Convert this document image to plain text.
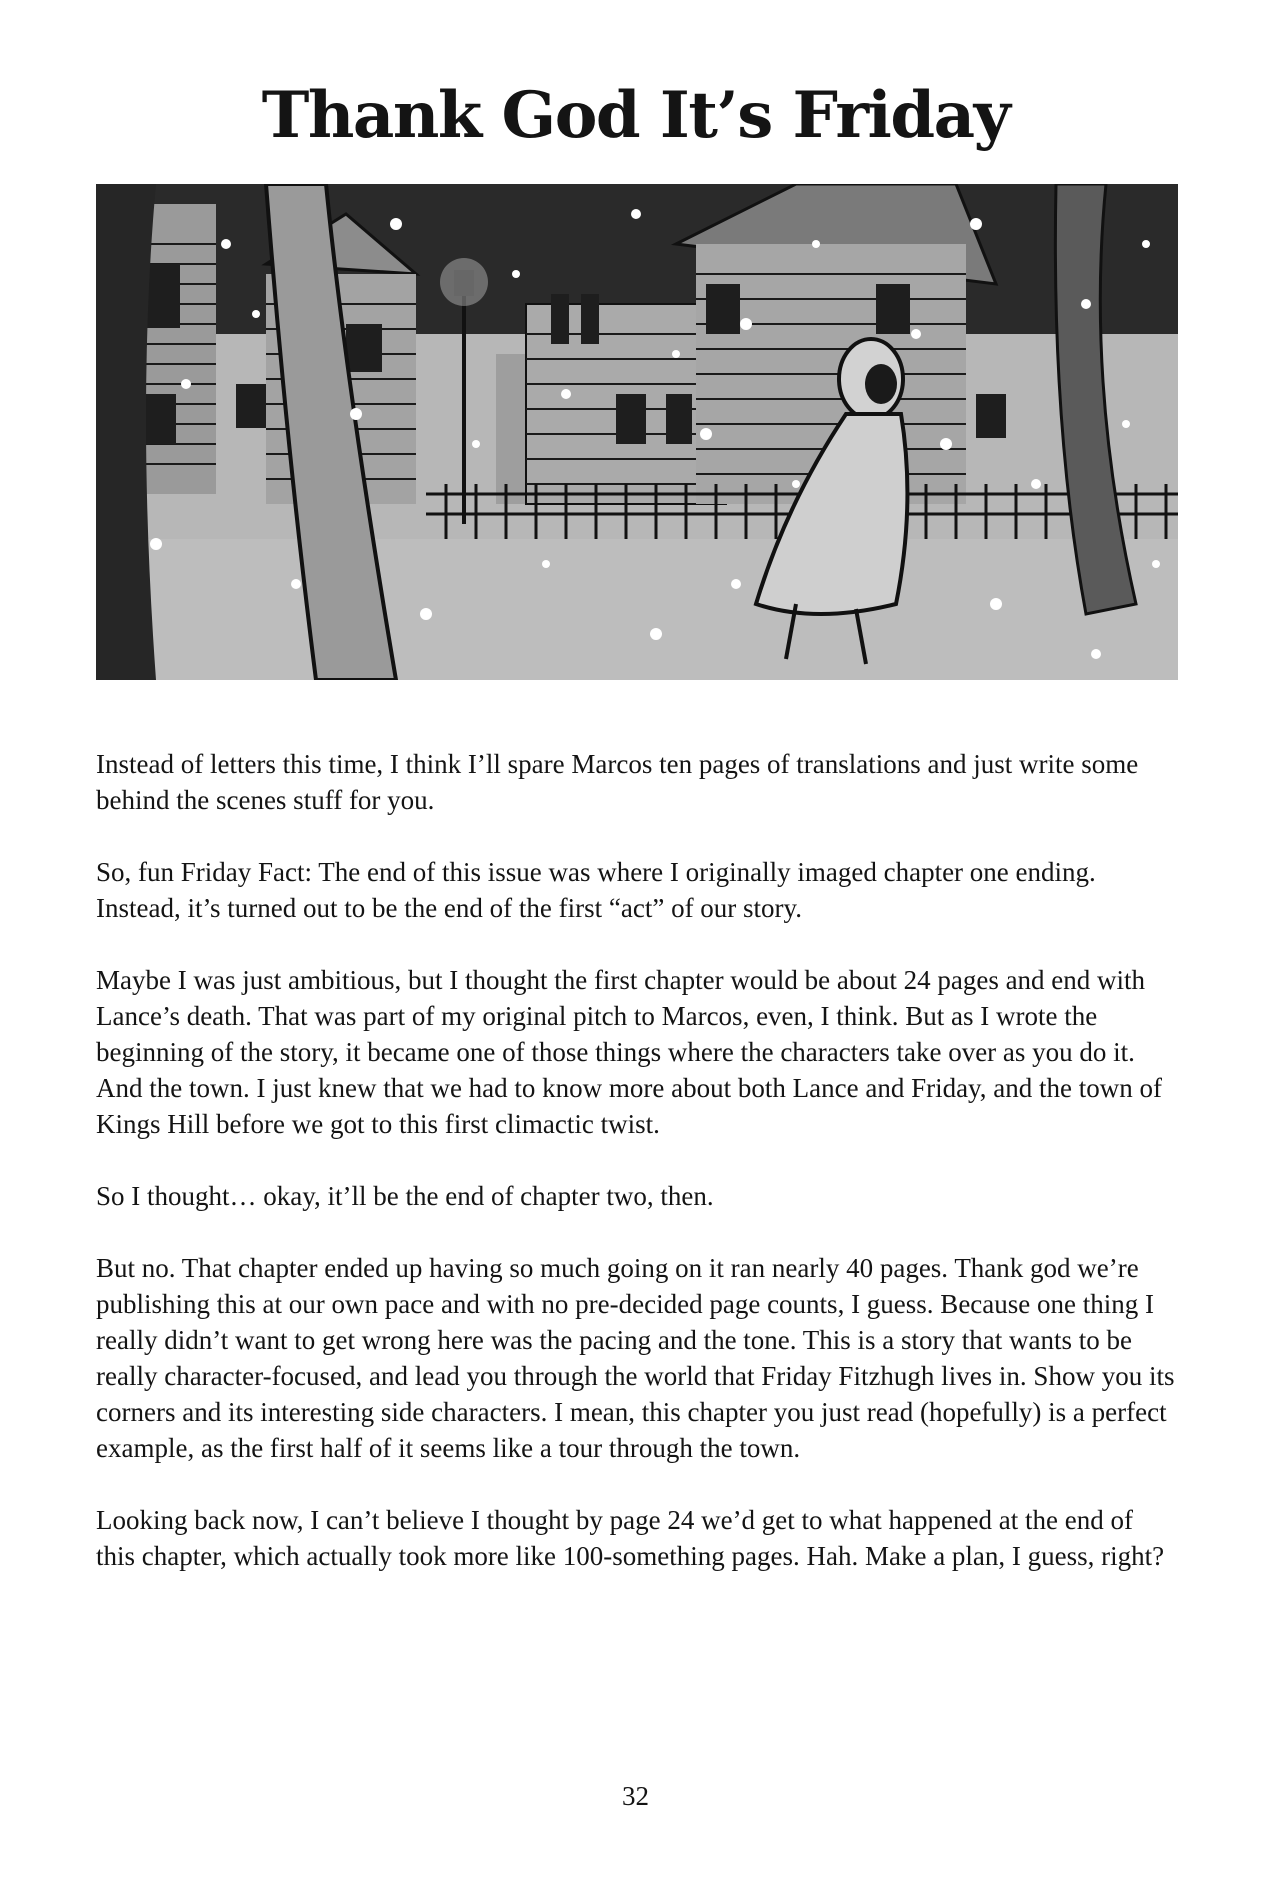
Thank God It’s Friday

Instead of letters this time, I think I’ll spare Marcos ten pages of translations and just write some behind the scenes stuff for you.

So, fun Friday Fact: The end of this issue was where I originally imaged chapter one ending. Instead, it’s turned out to be the end of the first “act” of our story.

Maybe I was just ambitious, but I thought the first chapter would be about 24 pages and end with Lance’s death. That was part of my original pitch to Marcos, even, I think. But as I wrote the beginning of the story, it became one of those things where the characters take over as you do it. And the town. I just knew that we had to know more about both Lance and Friday, and the town of Kings Hill before we got to this first climactic twist.

So I thought… okay, it’ll be the end of chapter two, then.

But no. That chapter ended up having so much going on it ran nearly 40 pages. Thank god we’re publishing this at our own pace and with no pre-decided page counts, I guess. Because one thing I really didn’t want to get wrong here was the pacing and the tone. This is a story that wants to be really character-focused, and lead you through the world that Friday Fitzhugh lives in. Show you its corners and its interesting side characters. I mean, this chapter you just read (hopefully) is a perfect example, as the first half of it seems like a tour through the town.

Looking back now, I can’t believe I thought by page 24 we’d get to what happened at the end of this chapter, which actually took more like 100-something pages. Hah. Make a plan, I guess, right?

32
